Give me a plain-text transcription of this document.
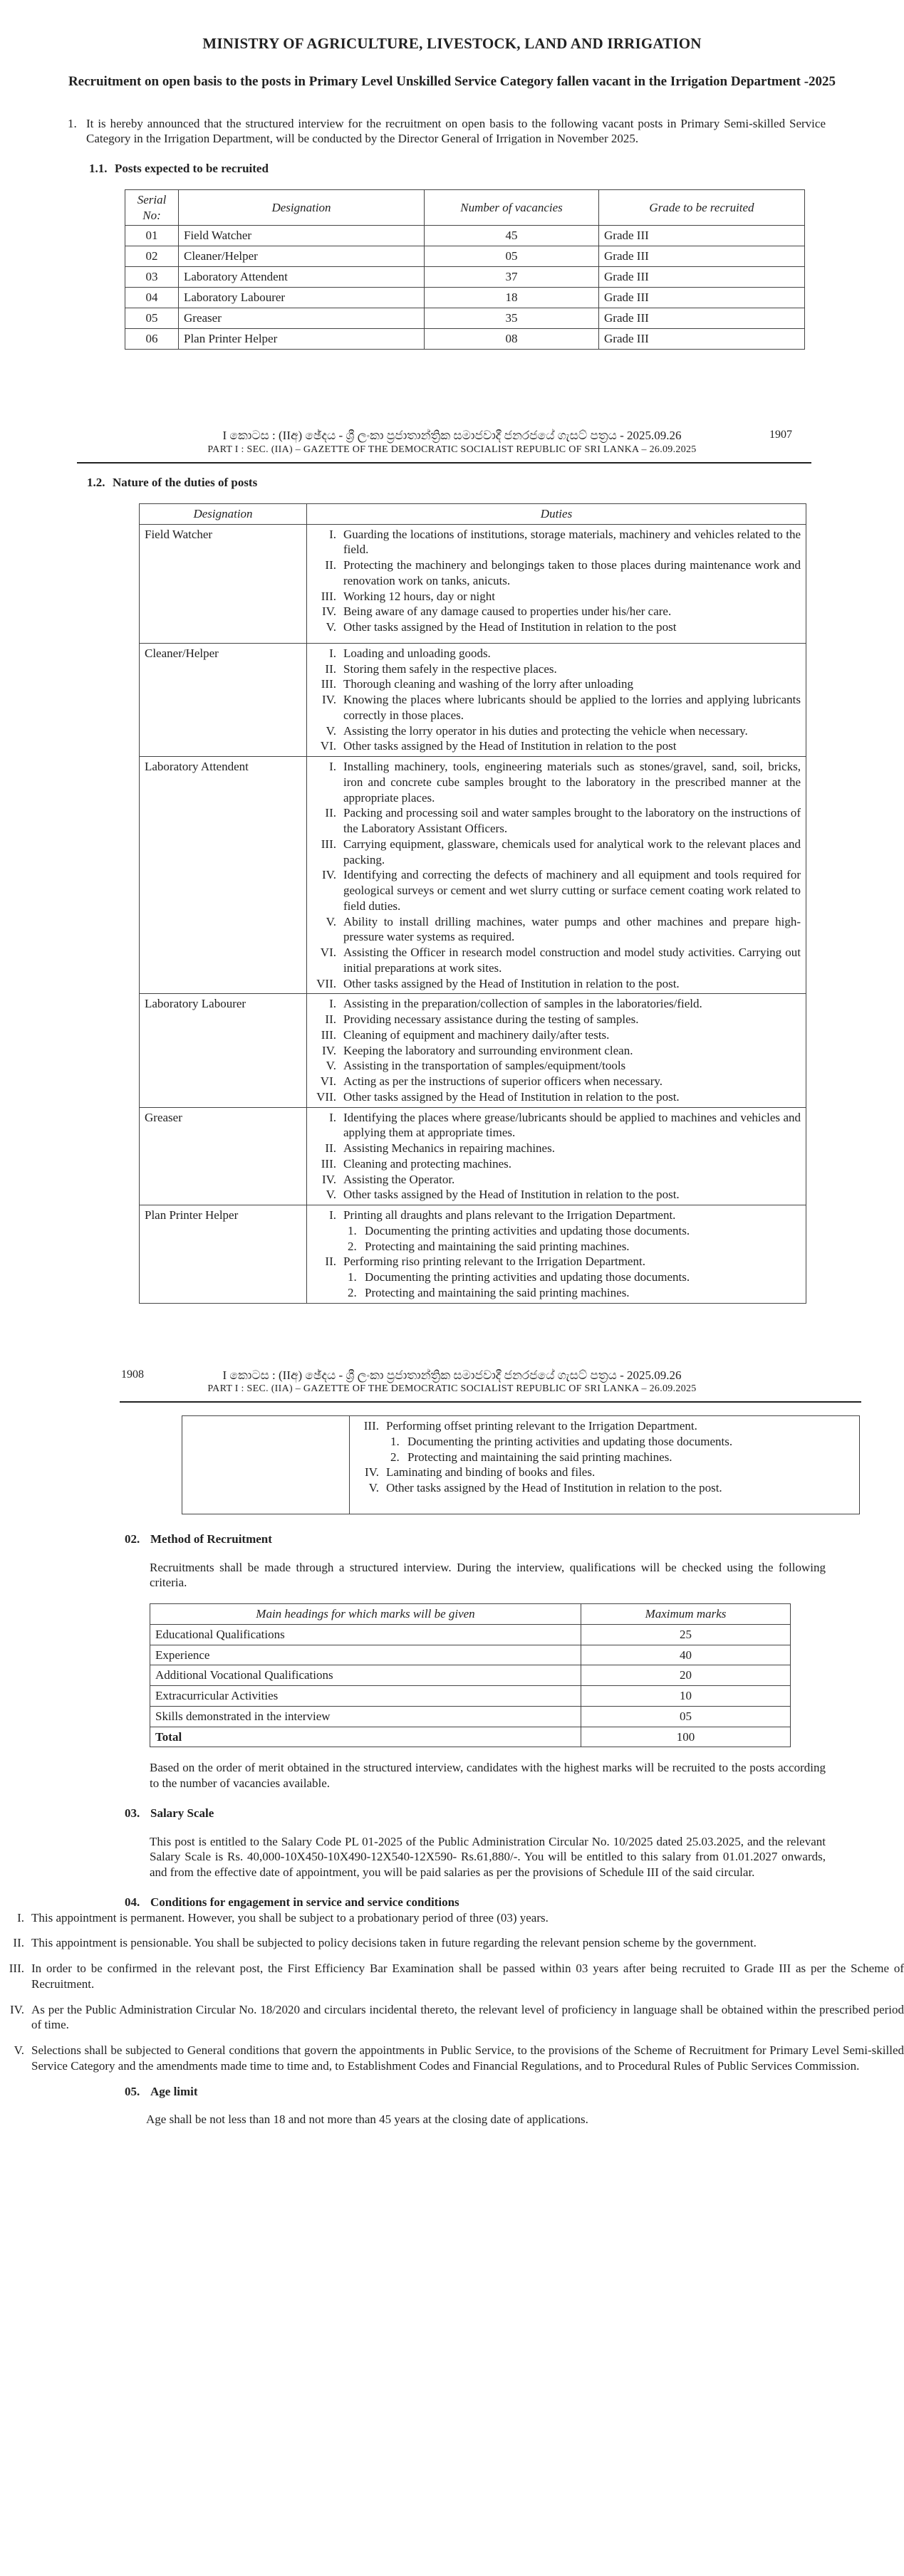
MINISTRY OF AGRICULTURE, LIVESTOCK, LAND AND IRRIGATION
Recruitment on open basis to the posts in Primary Level Unskilled Service Category fallen vacant in the Irrigation Department -2025
1. It is hereby announced that the structured interview for the recruitment on open basis to the following vacant posts in Primary Semi-skilled Service Category in the Irrigation Department, will be conducted by the Director General of Irrigation in November 2025.
1.1. Posts expected to be recruited
Serial No:	Designation	Number of vacancies	Grade to be recruited
01	Field Watcher	45	Grade III
02	Cleaner/Helper	05	Grade III
03	Laboratory Attendent	37	Grade III
04	Laboratory Labourer	18	Grade III
05	Greaser	35	Grade III
06	Plan Printer Helper	08	Grade III
I කොටස : (IIඅ) ඡේදය - ශ්‍රී ලංකා ප්‍රජාතාන්ත්‍රික සමාජවාදී ජනරජයේ ගැසට් පත්‍රය - 2025.09.26
PART I : SEC. (IIA) – GAZETTE OF THE DEMOCRATIC SOCIALIST REPUBLIC OF SRI LANKA – 26.09.2025
1907
1.2. Nature of the duties of posts
Designation	Duties
Field Watcher	I. Guarding the locations of institutions, storage materials, machinery and vehicles related to the field.
II. Protecting the machinery and belongings taken to those places during maintenance work and renovation work on tanks, anicuts.
III. Working 12 hours, day or night
IV. Being aware of any damage caused to properties under his/her care.
V. Other tasks assigned by the Head of Institution in relation to the post

Cleaner/Helper	I. Loading and unloading goods.
II. Storing them safely in the respective places.
III. Thorough cleaning and washing of the lorry after unloading
IV. Knowing the places where lubricants should be applied to the lorries and applying lubricants correctly in those places.
V. Assisting the lorry operator in his duties and protecting the vehicle when necessary.
VI. Other tasks assigned by the Head of Institution in relation to the post

Laboratory Attendent	I. Installing machinery, tools, engineering materials such as stones/gravel, sand, soil, bricks, iron and concrete cube samples brought to the laboratory in the prescribed manner at the appropriate places.
II. Packing and processing soil and water samples brought to the laboratory on the instructions of the Laboratory Assistant Officers.
III. Carrying equipment, glassware, chemicals used for analytical work to the relevant places and packing.
IV. Identifying and correcting the defects of machinery and all equipment and tools required for geological surveys or cement and wet slurry cutting or surface cement coating work related to field duties.
V. Ability to install drilling machines, water pumps and other machines and prepare high-pressure water systems as required.
VI. Assisting the Officer in research model construction and model study activities. Carrying out initial preparations at work sites.
VII. Other tasks assigned by the Head of Institution in relation to the post.

Laboratory Labourer	I. Assisting in the preparation/collection of samples in the laboratories/field.
II. Providing necessary assistance during the testing of samples.
III. Cleaning of equipment and machinery daily/after tests.
IV. Keeping the laboratory and surrounding environment clean.
V. Assisting in the transportation of samples/equipment/tools
VI. Acting as per the instructions of superior officers when necessary.
VII. Other tasks assigned by the Head of Institution in relation to the post.

Greaser	I. Identifying the places where grease/lubricants should be applied to machines and vehicles and applying them at appropriate times.
II. Assisting Mechanics in repairing machines.
III. Cleaning and protecting machines.
IV. Assisting the Operator.
V. Other tasks assigned by the Head of Institution in relation to the post.

Plan Printer Helper	I. Printing all draughts and plans relevant to the Irrigation Department.
1. Documenting the printing activities and updating those documents.
2. Protecting and maintaining the said printing machines.
II. Performing riso printing relevant to the Irrigation Department.
1. Documenting the printing activities and updating those documents.
2. Protecting and maintaining the said printing machines.
I කොටස : (IIඅ) ඡේදය - ශ්‍රී ලංකා ප්‍රජාතාන්ත්‍රික සමාජවාදී ජනරජයේ ගැසට් පත්‍රය - 2025.09.26
PART I : SEC. (IIA) – GAZETTE OF THE DEMOCRATIC SOCIALIST REPUBLIC OF SRI LANKA – 26.09.2025
1908

III. Performing offset printing relevant to the Irrigation Department.
1. Documenting the printing activities and updating those documents.
2. Protecting and maintaining the said printing machines.
IV. Laminating and binding of books and files.
V. Other tasks assigned by the Head of Institution in relation to the post.
02. Method of Recruitment
Recruitments shall be made through a structured interview. During the interview, qualifications will be checked using the following criteria.
Main headings for which marks will be given	Maximum marks
Educational Qualifications	25
Experience	40
Additional Vocational Qualifications	20
Extracurricular Activities	10
Skills demonstrated in the interview	05
Total	100
Based on the order of merit obtained in the structured interview, candidates with the highest marks will be recruited to the posts according to the number of vacancies available.
03. Salary Scale
This post is entitled to the Salary Code PL 01-2025 of the Public Administration Circular No. 10/2025 dated 25.03.2025, and the relevant Salary Scale is Rs. 40,000-10X450-10X490-12X540-12X590- Rs.61,880/-. You will be entitled to this salary from 01.01.2027 onwards, and from the effective date of appointment, you will be paid salaries as per the provisions of Schedule III of the said circular.
04. Conditions for engagement in service and service conditions
I. This appointment is permanent. However, you shall be subject to a probationary period of three (03) years.
II. This appointment is pensionable. You shall be subjected to policy decisions taken in future regarding the relevant pension scheme by the government.
III. In order to be confirmed in the relevant post, the First Efficiency Bar Examination shall be passed within 03 years after being recruited to Grade III as per the Scheme of Recruitment.
IV. As per the Public Administration Circular No. 18/2020 and circulars incidental thereto, the relevant level of proficiency in language shall be obtained within the prescribed period of time.
V. Selections shall be subjected to General conditions that govern the appointments in Public Service, to the provisions of the Scheme of Recruitment for Primary Level Semi-skilled Service Category and the amendments made time to time and, to Establishment Codes and Financial Regulations, and to Procedural Rules of Public Services Commission.
05. Age limit
Age shall be not less than 18 and not more than 45 years at the closing date of applications.
